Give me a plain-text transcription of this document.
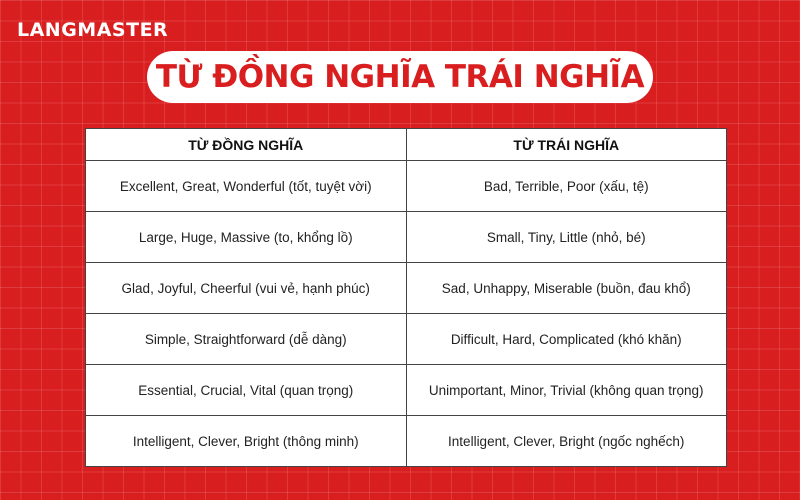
LANGMASTER
TỪ ĐỒNG NGHĨA TRÁI NGHĨA
TỪ ĐỒNG NGHĨA	TỪ TRÁI NGHĨA
Excellent, Great, Wonderful (tốt, tuyệt vời)	Bad, Terrible, Poor (xấu, tệ)
Large, Huge, Massive (to, khổng lồ)	Small, Tiny, Little (nhỏ, bé)
Glad, Joyful, Cheerful (vui vẻ, hạnh phúc)	Sad, Unhappy, Miserable (buồn, đau khổ)
Simple, Straightforward (dễ dàng)	Difficult, Hard, Complicated (khó khăn)
Essential, Crucial, Vital (quan trọng)	Unimportant, Minor, Trivial (không quan trọng)
Intelligent, Clever, Bright (thông minh)	Intelligent, Clever, Bright (ngốc nghếch)
